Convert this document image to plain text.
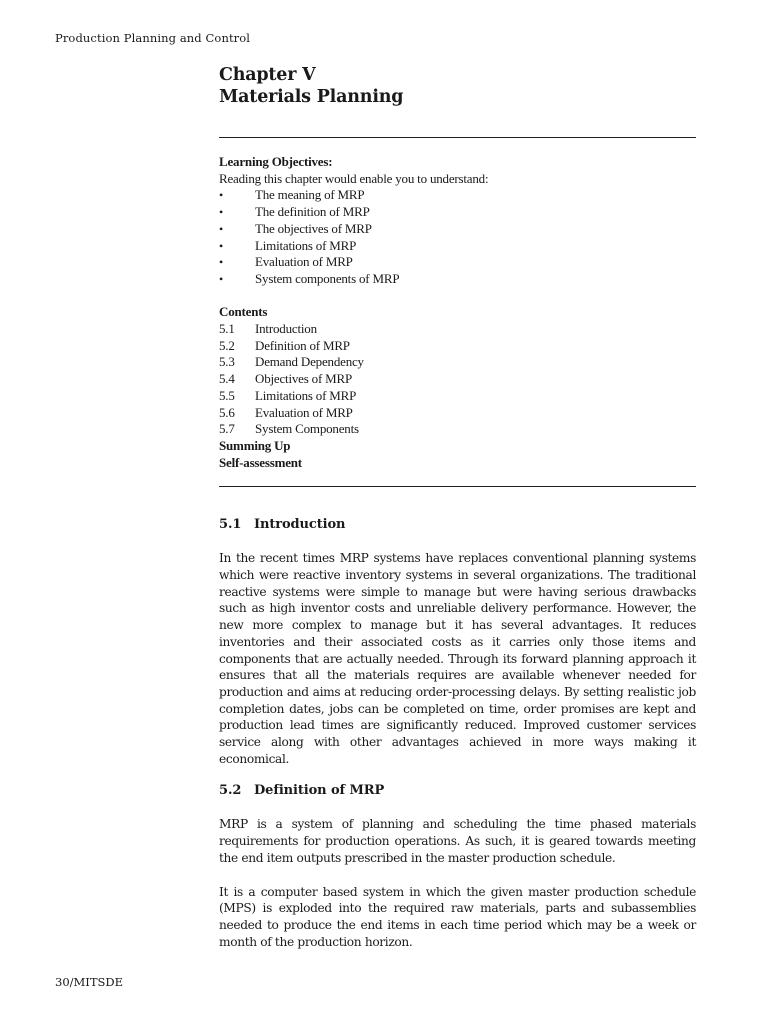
Production Planning and Control
Chapter V
Materials Planning
Learning Objectives:
Reading this chapter would enable you to understand:
•	The meaning of MRP
•	The definition of MRP
•	The objectives of MRP
•	Limitations of MRP
•	Evaluation of MRP
•	System components of MRP
Contents
5.1	Introduction
5.2	Definition of MRP
5.3	Demand Dependency
5.4	Objectives of MRP
5.5	Limitations of MRP
5.6	Evaluation of MRP
5.7	System Components
Summing Up
Self-assessment
5.1 Introduction

In the recent times MRP systems have replaces conventional planning systems which were reactive inventory systems in several organizations. The traditional reactive systems were simple to manage but were having serious drawbacks such as high inventor costs and unreliable delivery performance. However, the new more complex to manage but it has several advantages. It reduces inventories and their associated costs as it carries only those items and components that are actually needed. Through its forward planning approach it ensures that all the materials requires are available whenever needed for production and aims at reducing order-processing delays. By setting realistic job completion dates, jobs can be completed on time, order promises are kept and production lead times are significantly reduced. Improved customer services service along with other advantages achieved in more ways making it economical.

5.2 Definition of MRP

MRP is a system of planning and scheduling the time phased materials requirements for production operations. As such, it is geared towards meeting the end item outputs prescribed in the master production schedule.

It is a computer based system in which the given master production schedule (MPS) is exploded into the required raw materials, parts and subassemblies needed to produce the end items in each time period which may be a week or month of the production horizon.

30/MITSDE
